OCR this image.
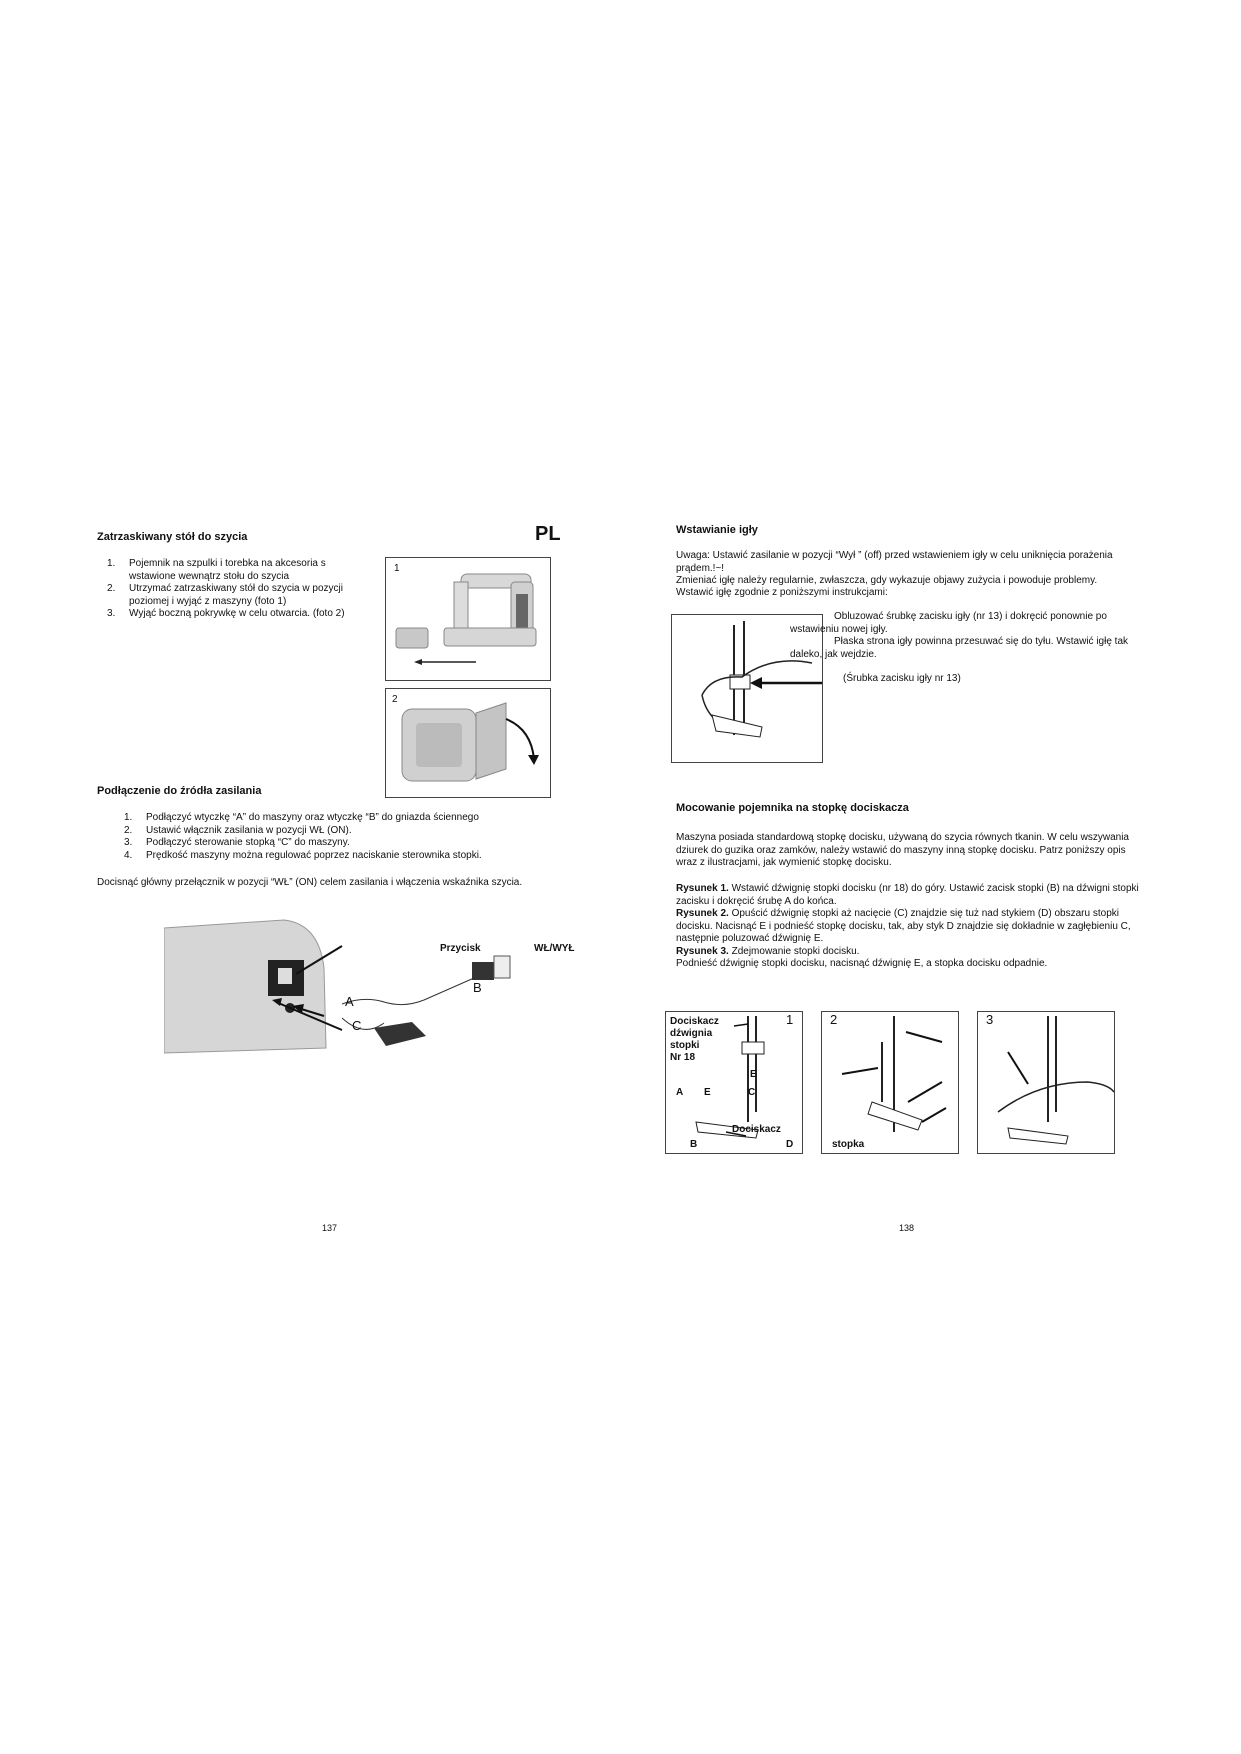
Zatrzaskiwany stół do szycia	PL
1. Pojemnik na szpulki i torebka na akcesoria s wstawione wewnątrz stołu do szycia
2. Utrzymać zatrzaskiwany stół do szycia w pozycji poziomej i wyjąć z maszyny (foto 1)
3. Wyjąć boczną pokrywkę w celu otwarcia. (foto 2)
1
2
Podłączenie do źródła zasilania
1. Podłączyć wtyczkę “A” do maszyny oraz wtyczkę “B” do gniazda ściennego
2. Ustawić włącznik zasilania w pozycji WŁ (ON).
3. Podłączyć sterowanie stopką “C” do maszyny.
4. Prędkość maszyny można regulować poprzez naciskanie sterownika stopki.

Docisnąć główny przełącznik w pozycji “WŁ” (ON) celem zasilania i włączenia wskaźnika szycia.

Przycisk	WŁ/WYŁ
A
B
C
137
Wstawianie igły

Uwaga: Ustawić zasilanie w pozycji “Wył ” (off) przed wstawieniem igły w celu uniknięcia porażenia prądem.!~!

Zmieniać igłę należy regularnie, zwłaszcza, gdy wykazuje objawy zużycia i powoduje problemy.

Wstawić igłę zgodnie z poniższymi instrukcjami:

Obluzować śrubkę zacisku igły (nr 13) i dokręcić ponownie po wstawieniu nowej igły.
Płaska strona igły powinna przesuwać się do tyłu. Wstawić igłę tak daleko, jak wejdzie.
(Śrubka zacisku igły nr 13)
Mocowanie pojemnika na stopkę dociskacza

Maszyna posiada standardową stopkę docisku, używaną do szycia równych tkanin. W celu wszywania dziurek do guzika oraz zamków, należy wstawić do maszyny inną stopkę docisku. Patrz poniższy opis wraz z ilustracjami, jak wymienić stopkę docisku.

Rysunek 1. Wstawić dźwignię stopki docisku (nr 18) do góry. Ustawić zacisk stopki (B) na dźwigni stopki zacisku i dokręcić śrubę A do końca.

Rysunek 2. Opuścić dźwignię stopki aż nacięcie (C) znajdzie się tuż nad stykiem (D) obszaru stopki docisku. Nacisnąć E i podnieść stopkę docisku, tak, aby styk D znajdzie się dokładnie w zagłębieniu C, następnie poluzować dźwignię E.

Rysunek 3. Zdejmowanie stopki docisku.

Podnieść dźwignię stopki docisku, nacisnąć dźwignię E, a stopka docisku odpadnie.

Dociskacz
dźwignia
stopki
Nr 18
1
E
A E	C
Dociskacz
B	D
2
stopka
3
138
